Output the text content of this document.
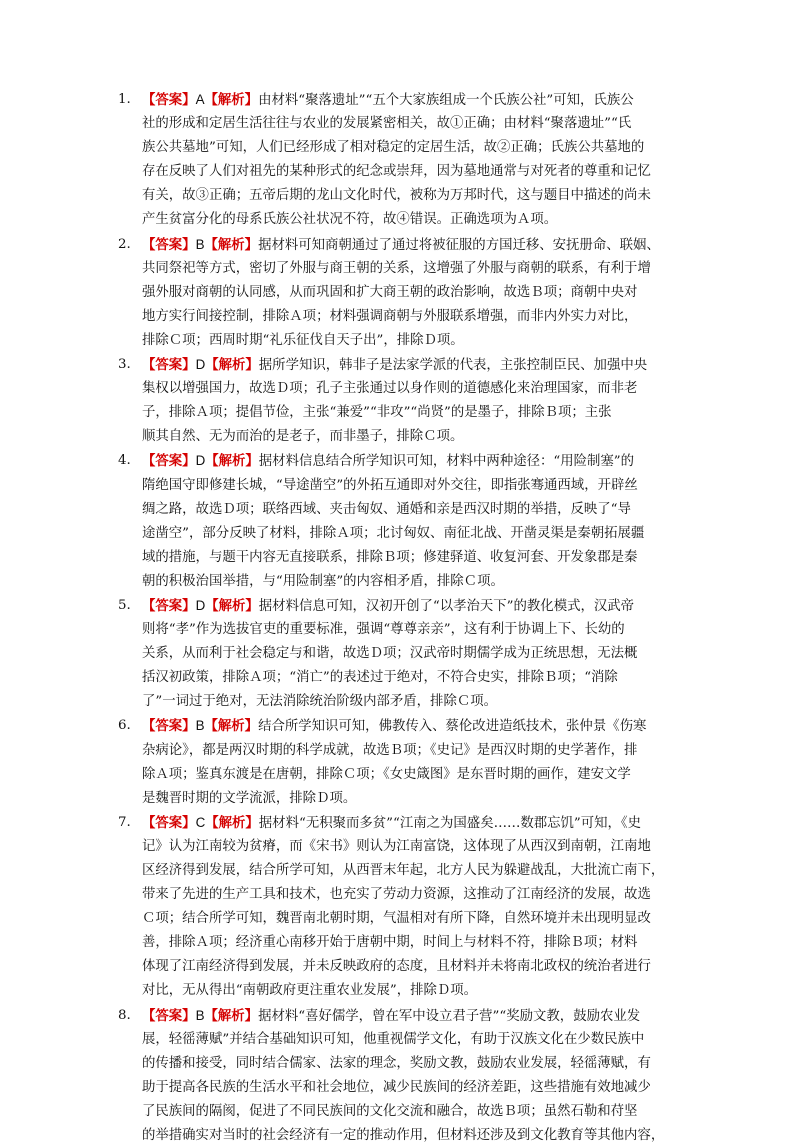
1. 【答案】A【解析】由材料“聚落遗址”“五个大家族组成一个氏族公社”可知，氏族公
社的形成和定居生活往往与农业的发展紧密相关，故①正确；由材料“聚落遗址”“氏
族公共墓地”可知，人们已经形成了相对稳定的定居生活，故②正确；氏族公共墓地的
存在反映了人们对祖先的某种形式的纪念或崇拜，因为墓地通常与对死者的尊重和记忆
有关，故③正确；五帝后期的龙山文化时代，被称为万邦时代，这与题目中描述的尚未
产生贫富分化的母系氏族公社状况不符，故④错误。正确选项为Ａ项。
2. 【答案】B【解析】据材料可知商朝通过了通过将被征服的方国迁移、安抚册命、联姻、
共同祭祀等方式，密切了外服与商王朝的关系，这增强了外服与商朝的联系，有利于增
强外服对商朝的认同感，从而巩固和扩大商王朝的政治影响，故选Ｂ项；商朝中央对
地方实行间接控制，排除Ａ项；材料强调商朝与外服联系增强，而非内外实力对比，
排除Ｃ项；西周时期“礼乐征伐自天子出”，排除Ｄ项。
3. 【答案】D【解析】据所学知识，韩非子是法家学派的代表，主张控制臣民、加强中央
集权以增强国力，故选Ｄ项；孔子主张通过以身作则的道德感化来治理国家，而非老
子，排除Ａ项；提倡节俭，主张“兼爱”“非攻”“尚贤”的是墨子，排除Ｂ项；主张
顺其自然、无为而治的是老子，而非墨子，排除Ｃ项。
4. 【答案】D【解析】据材料信息结合所学知识可知，材料中两种途径：“用险制塞”的
隋绝国守即修建长城，“导途凿空”的外拓互通即对外交往，即指张骞通西域，开辟丝
绸之路，故选Ｄ项；联络西域、夹击匈奴、通婚和亲是西汉时期的举措，反映了“导
途凿空”，部分反映了材料，排除Ａ项；北讨匈奴、南征北战、开凿灵渠是秦朝拓展疆
域的措施，与题干内容无直接联系，排除Ｂ项；修建驿道、收复河套、开发象郡是秦
朝的积极治国举措，与“用险制塞”的内容相矛盾，排除Ｃ项。
5. 【答案】D【解析】据材料信息可知，汉初开创了“以孝治天下”的教化模式，汉武帝
则将“孝”作为选拔官吏的重要标准，强调“尊尊亲亲”，这有利于协调上下、长幼的
关系，从而利于社会稳定与和谐，故选Ｄ项；汉武帝时期儒学成为正统思想，无法概
括汉初政策，排除Ａ项；“消亡”的表述过于绝对，不符合史实，排除Ｂ项；“消除
了”一词过于绝对，无法消除统治阶级内部矛盾，排除Ｃ项。
6. 【答案】B【解析】结合所学知识可知，佛教传入、蔡伦改进造纸技术，张仲景《伤寒
杂病论》，都是两汉时期的科学成就，故选Ｂ项；《史记》是西汉时期的史学著作，排
除Ａ项；鉴真东渡是在唐朝，排除Ｃ项；《女史箴图》是东晋时期的画作，建安文学
是魏晋时期的文学流派，排除Ｄ项。
7. 【答案】C【解析】据材料“无积聚而多贫”“江南之为国盛矣……数郡忘饥”可知，《史
记》认为江南较为贫瘠，而《宋书》则认为江南富饶，这体现了从西汉到南朝，江南地
区经济得到发展，结合所学可知，从西晋末年起，北方人民为躲避战乱，大批流亡南下，
带来了先进的生产工具和技术，也充实了劳动力资源，这推动了江南经济的发展，故选
Ｃ项；结合所学可知，魏晋南北朝时期，气温相对有所下降，自然环境并未出现明显改
善，排除Ａ项；经济重心南移开始于唐朝中期，时间上与材料不符，排除Ｂ项；材料
体现了江南经济得到发展，并未反映政府的态度，且材料并未将南北政权的统治者进行
对比，无从得出“南朝政府更注重农业发展”，排除Ｄ项。
8. 【答案】B【解析】据材料“喜好儒学，曾在军中设立君子营”“奖励文教，鼓励农业发
展，轻徭薄赋”并结合基础知识可知，他重视儒学文化，有助于汉族文化在少数民族中
的传播和接受，同时结合儒家、法家的理念，奖励文教，鼓励农业发展，轻徭薄赋，有
助于提高各民族的生活水平和社会地位，减少民族间的经济差距，这些措施有效地减少
了民族间的隔阂，促进了不同民族间的文化交流和融合，故选Ｂ项；虽然石勒和苻坚
的举措确实对当时的社会经济有一定的推动作用，但材料还涉及到文化教育等其他内容，
